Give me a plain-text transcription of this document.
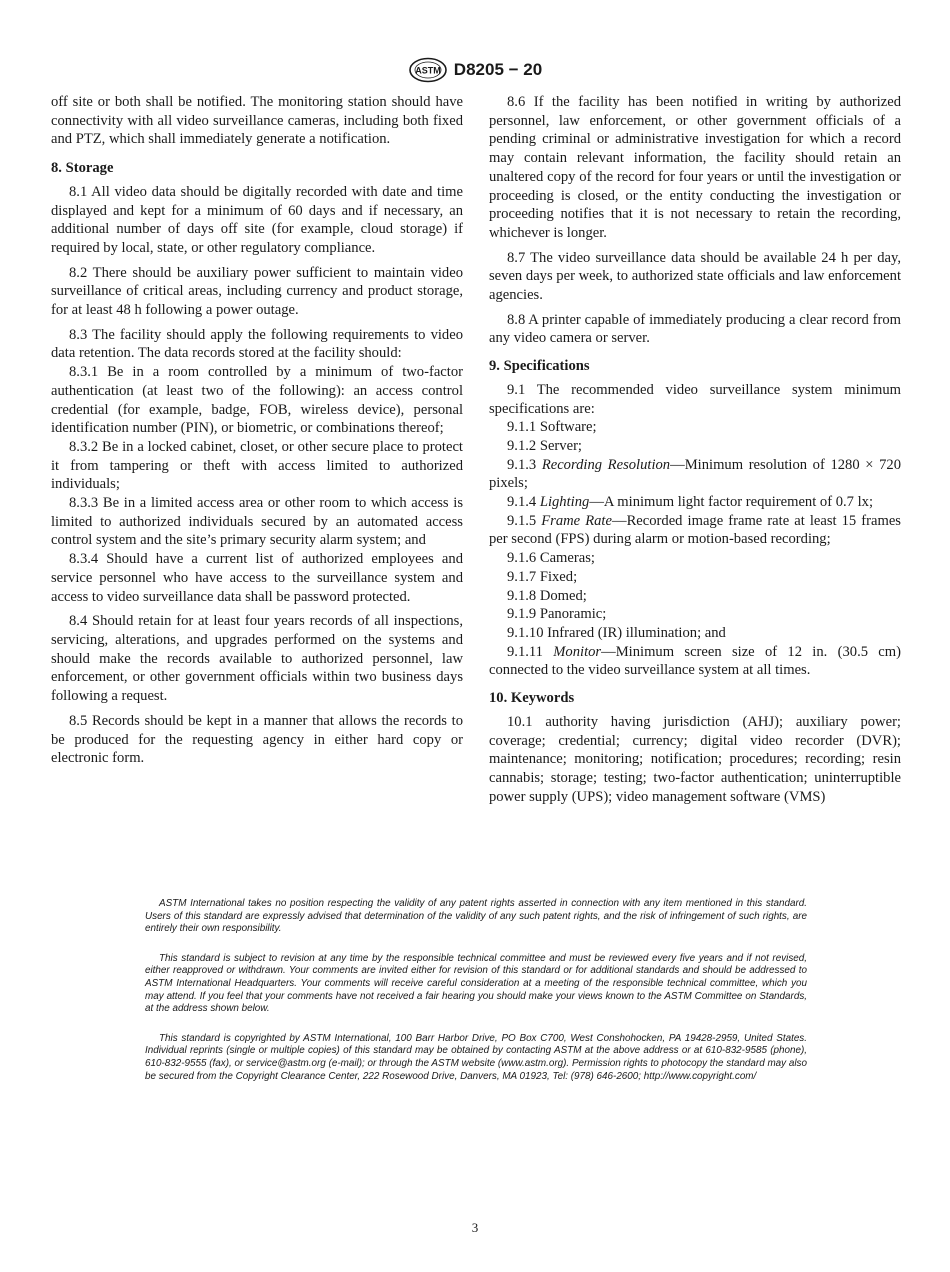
ASTM D8205 − 20

off site or both shall be notified. The monitoring station should have connectivity with all video surveillance cameras, including both fixed and PTZ, which shall immediately generate a notification.

8. Storage

8.1 All video data should be digitally recorded with date and time displayed and kept for a minimum of 60 days and if necessary, an additional number of days off site (for example, cloud storage) if required by local, state, or other regulatory compliance.

8.2 There should be auxiliary power sufficient to maintain video surveillance of critical areas, including currency and product storage, for at least 48 h following a power outage.

8.3 The facility should apply the following requirements to video data retention. The data records stored at the facility should:

8.3.1 Be in a room controlled by a minimum of two-factor authentication (at least two of the following): an access control credential (for example, badge, FOB, wireless device), personal identification number (PIN), or biometric, or combinations thereof;

8.3.2 Be in a locked cabinet, closet, or other secure place to protect it from tampering or theft with access limited to authorized individuals;

8.3.3 Be in a limited access area or other room to which access is limited to authorized individuals secured by an automated access control system and the site’s primary security alarm system; and

8.3.4 Should have a current list of authorized employees and service personnel who have access to the surveillance system and access to video surveillance data shall be password protected.

8.4 Should retain for at least four years records of all inspections, servicing, alterations, and upgrades performed on the systems and should make the records available to authorized personnel, law enforcement, or other government officials within two business days following a request.

8.5 Records should be kept in a manner that allows the records to be produced for the requesting agency in either hard copy or electronic form.

8.6 If the facility has been notified in writing by authorized personnel, law enforcement, or other government officials of a pending criminal or administrative investigation for which a record may contain relevant information, the facility should retain an unaltered copy of the record for four years or until the investigation or proceeding is closed, or the entity conducting the investigation or proceeding notifies that it is not necessary to retain the recording, whichever is longer.

8.7 The video surveillance data should be available 24 h per day, seven days per week, to authorized state officials and law enforcement agencies.

8.8 A printer capable of immediately producing a clear record from any video camera or server.

9. Specifications

9.1 The recommended video surveillance system minimum specifications are:

9.1.1 Software;

9.1.2 Server;

9.1.3 Recording Resolution—Minimum resolution of 1280 × 720 pixels;

9.1.4 Lighting—A minimum light factor requirement of 0.7 lx;

9.1.5 Frame Rate—Recorded image frame rate at least 15 frames per second (FPS) during alarm or motion-based recording;

9.1.6 Cameras;

9.1.7 Fixed;

9.1.8 Domed;

9.1.9 Panoramic;

9.1.10 Infrared (IR) illumination; and

9.1.11 Monitor—Minimum screen size of 12 in. (30.5 cm) connected to the video surveillance system at all times.

10. Keywords

10.1 authority having jurisdiction (AHJ); auxiliary power; coverage; credential; currency; digital video recorder (DVR); maintenance; monitoring; notification; procedures; recording; resin cannabis; storage; testing; two-factor authentication; uninterruptible power supply (UPS); video management software (VMS)

ASTM International takes no position respecting the validity of any patent rights asserted in connection with any item mentioned in this standard. Users of this standard are expressly advised that determination of the validity of any such patent rights, and the risk of infringement of such rights, are entirely their own responsibility.

This standard is subject to revision at any time by the responsible technical committee and must be reviewed every five years and if not revised, either reapproved or withdrawn. Your comments are invited either for revision of this standard or for additional standards and should be addressed to ASTM International Headquarters. Your comments will receive careful consideration at a meeting of the responsible technical committee, which you may attend. If you feel that your comments have not received a fair hearing you should make your views known to the ASTM Committee on Standards, at the address shown below.

This standard is copyrighted by ASTM International, 100 Barr Harbor Drive, PO Box C700, West Conshohocken, PA 19428-2959, United States. Individual reprints (single or multiple copies) of this standard may be obtained by contacting ASTM at the above address or at 610-832-9585 (phone), 610-832-9555 (fax), or service@astm.org (e-mail); or through the ASTM website (www.astm.org). Permission rights to photocopy the standard may also be secured from the Copyright Clearance Center, 222 Rosewood Drive, Danvers, MA 01923, Tel: (978) 646-2600; http://www.copyright.com/

3
